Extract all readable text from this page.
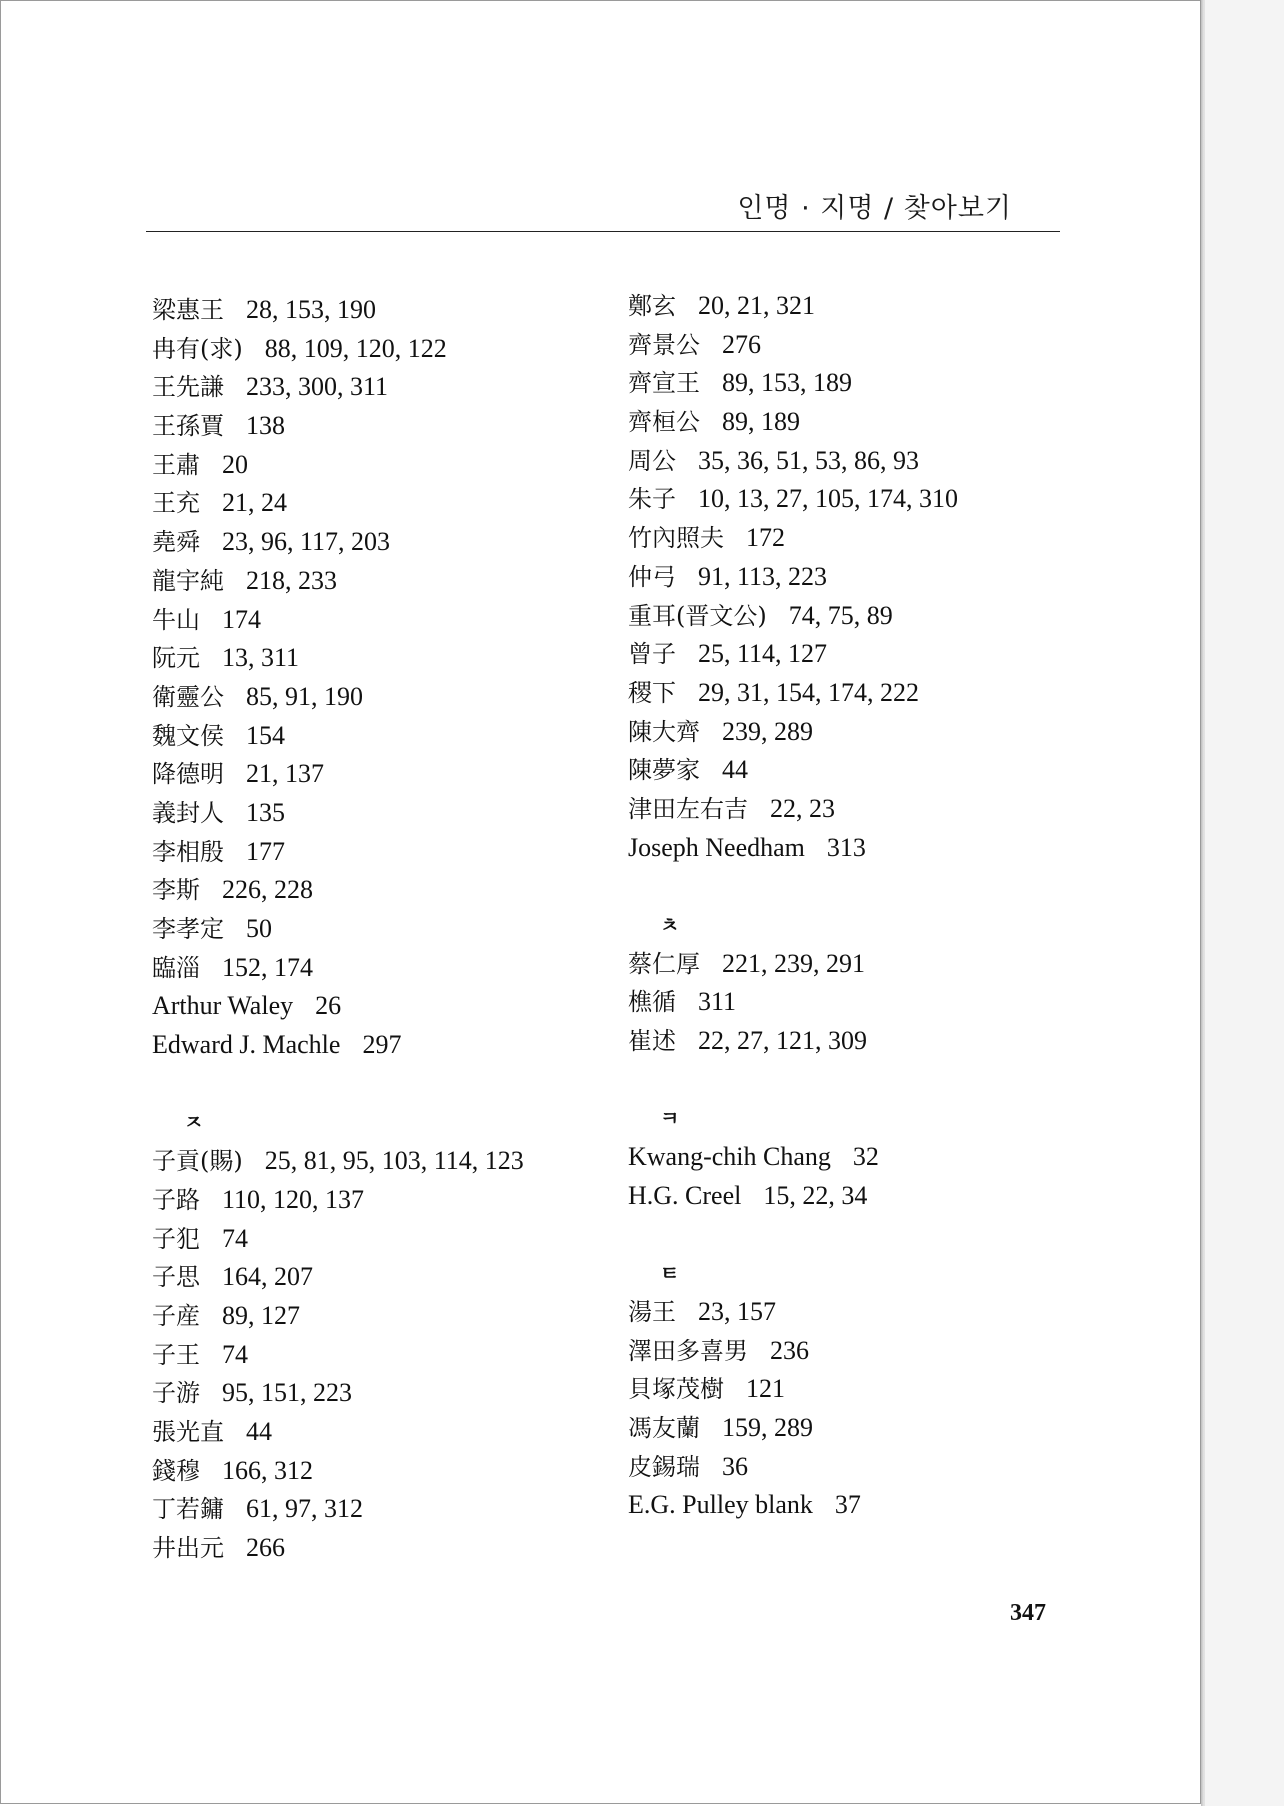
인명 · 지명 / 찾아보기
梁惠王 28, 153, 190
冉有(求) 88, 109, 120, 122
王先謙 233, 300, 311
王孫賈 138
王肅 20
王充 21, 24
堯舜 23, 96, 117, 203
龍宇純 218, 233
牛山 174
阮元 13, 311
衛靈公 85, 91, 190
魏文侯 154
降德明 21, 137
義封人 135
李相殷 177
李斯 226, 228
李孝定 50
臨淄 152, 174
Arthur Waley 26
Edward J. Machle 297
ㅈ
子貢(賜) 25, 81, 95, 103, 114, 123
子路 110, 120, 137
子犯 74
子思 164, 207
子産 89, 127
子王 74
子游 95, 151, 223
張光直 44
錢穆 166, 312
丁若鏞 61, 97, 312
井出元 266
鄭玄 20, 21, 321
齊景公 276
齊宣王 89, 153, 189
齊桓公 89, 189
周公 35, 36, 51, 53, 86, 93
朱子 10, 13, 27, 105, 174, 310
竹內照夫 172
仲弓 91, 113, 223
重耳(晋文公) 74, 75, 89
曾子 25, 114, 127
稷下 29, 31, 154, 174, 222
陳大齊 239, 289
陳夢家 44
津田左右吉 22, 23
Joseph Needham 313
ㅊ
蔡仁厚 221, 239, 291
樵循 311
崔述 22, 27, 121, 309
ㅋ
Kwang-chih Chang 32
H.G. Creel 15, 22, 34
ㅌ
湯王 23, 157
澤田多喜男 236
貝塚茂樹 121
馮友蘭 159, 289
皮錫瑞 36
E.G. Pulley blank 37
347
